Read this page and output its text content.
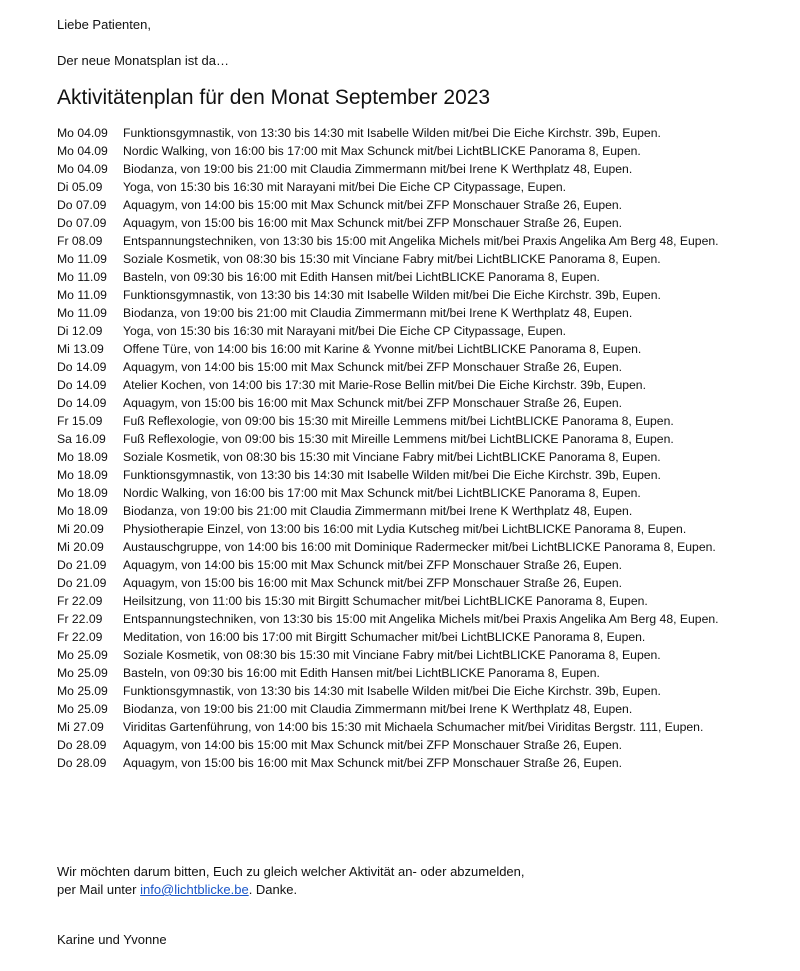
Liebe Patienten,
Der neue Monatsplan ist da…
Aktivitätenplan für den Monat September 2023
Mo 04.09	Funktionsgymnastik, von 13:30 bis 14:30 mit Isabelle Wilden mit/bei Die Eiche Kirchstr. 39b, Eupen.
Mo 04.09	Nordic Walking, von 16:00 bis 17:00 mit Max Schunck mit/bei LichtBLICKE Panorama 8, Eupen.
Mo 04.09	Biodanza, von 19:00 bis 21:00 mit Claudia Zimmermann mit/bei Irene K Werthplatz 48, Eupen.
Di 05.09	Yoga, von 15:30 bis 16:30 mit Narayani mit/bei Die Eiche CP Citypassage, Eupen.
Do 07.09	Aquagym, von 14:00 bis 15:00 mit Max Schunck mit/bei ZFP Monschauer Straße 26, Eupen.
Do 07.09	Aquagym, von 15:00 bis 16:00 mit Max Schunck mit/bei ZFP Monschauer Straße 26, Eupen.
Fr 08.09	Entspannungstechniken, von 13:30 bis 15:00 mit Angelika Michels mit/bei Praxis Angelika Am Berg 48, Eupen.
Mo 11.09	Soziale Kosmetik, von 08:30 bis 15:30 mit Vinciane Fabry mit/bei LichtBLICKE Panorama 8, Eupen.
Mo 11.09	Basteln, von 09:30 bis 16:00 mit Edith Hansen mit/bei LichtBLICKE Panorama 8, Eupen.
Mo 11.09	Funktionsgymnastik, von 13:30 bis 14:30 mit Isabelle Wilden mit/bei Die Eiche Kirchstr. 39b, Eupen.
Mo 11.09	Biodanza, von 19:00 bis 21:00 mit Claudia Zimmermann mit/bei Irene K Werthplatz 48, Eupen.
Di 12.09	Yoga, von 15:30 bis 16:30 mit Narayani mit/bei Die Eiche CP Citypassage, Eupen.
Mi 13.09	Offene Türe, von 14:00 bis 16:00 mit Karine & Yvonne mit/bei LichtBLICKE Panorama 8, Eupen.
Do 14.09	Aquagym, von 14:00 bis 15:00 mit Max Schunck mit/bei ZFP Monschauer Straße 26, Eupen.
Do 14.09	Atelier Kochen, von 14:00 bis 17:30 mit Marie-Rose Bellin mit/bei Die Eiche Kirchstr. 39b, Eupen.
Do 14.09	Aquagym, von 15:00 bis 16:00 mit Max Schunck mit/bei ZFP Monschauer Straße 26, Eupen.
Fr 15.09	Fuß Reflexologie, von 09:00 bis 15:30 mit Mireille Lemmens mit/bei LichtBLICKE Panorama 8, Eupen.
Sa 16.09	Fuß Reflexologie, von 09:00 bis 15:30 mit Mireille Lemmens mit/bei LichtBLICKE Panorama 8, Eupen.
Mo 18.09	Soziale Kosmetik, von 08:30 bis 15:30 mit Vinciane Fabry mit/bei LichtBLICKE Panorama 8, Eupen.
Mo 18.09	Funktionsgymnastik, von 13:30 bis 14:30 mit Isabelle Wilden mit/bei Die Eiche Kirchstr. 39b, Eupen.
Mo 18.09	Nordic Walking, von 16:00 bis 17:00 mit Max Schunck mit/bei LichtBLICKE Panorama 8, Eupen.
Mo 18.09	Biodanza, von 19:00 bis 21:00 mit Claudia Zimmermann mit/bei Irene K Werthplatz 48, Eupen.
Mi 20.09	Physiotherapie Einzel, von 13:00 bis 16:00 mit Lydia Kutscheg mit/bei LichtBLICKE Panorama 8, Eupen.
Mi 20.09	Austauschgruppe, von 14:00 bis 16:00 mit Dominique Radermecker mit/bei LichtBLICKE Panorama 8, Eupen.
Do 21.09	Aquagym, von 14:00 bis 15:00 mit Max Schunck mit/bei ZFP Monschauer Straße 26, Eupen.
Do 21.09	Aquagym, von 15:00 bis 16:00 mit Max Schunck mit/bei ZFP Monschauer Straße 26, Eupen.
Fr 22.09	Heilsitzung, von 11:00 bis 15:30 mit Birgitt Schumacher mit/bei LichtBLICKE Panorama 8, Eupen.
Fr 22.09	Entspannungstechniken, von 13:30 bis 15:00 mit Angelika Michels mit/bei Praxis Angelika Am Berg 48, Eupen.
Fr 22.09	Meditation, von 16:00 bis 17:00 mit Birgitt Schumacher mit/bei LichtBLICKE Panorama 8, Eupen.
Mo 25.09	Soziale Kosmetik, von 08:30 bis 15:30 mit Vinciane Fabry mit/bei LichtBLICKE Panorama 8, Eupen.
Mo 25.09	Basteln, von 09:30 bis 16:00 mit Edith Hansen mit/bei LichtBLICKE Panorama 8, Eupen.
Mo 25.09	Funktionsgymnastik, von 13:30 bis 14:30 mit Isabelle Wilden mit/bei Die Eiche Kirchstr. 39b, Eupen.
Mo 25.09	Biodanza, von 19:00 bis 21:00 mit Claudia Zimmermann mit/bei Irene K Werthplatz 48, Eupen.
Mi 27.09	Viriditas Gartenführung, von 14:00 bis 15:30 mit Michaela Schumacher mit/bei Viriditas Bergstr. 111, Eupen.
Do 28.09	Aquagym, von 14:00 bis 15:00 mit Max Schunck mit/bei ZFP Monschauer Straße 26, Eupen.
Do 28.09	Aquagym, von 15:00 bis 16:00 mit Max Schunck mit/bei ZFP Monschauer Straße 26, Eupen.
Wir möchten darum bitten, Euch zu gleich welcher Aktivität an- oder abzumelden,
per Mail unter info@lichtblicke.be. Danke.
Karine und Yvonne
